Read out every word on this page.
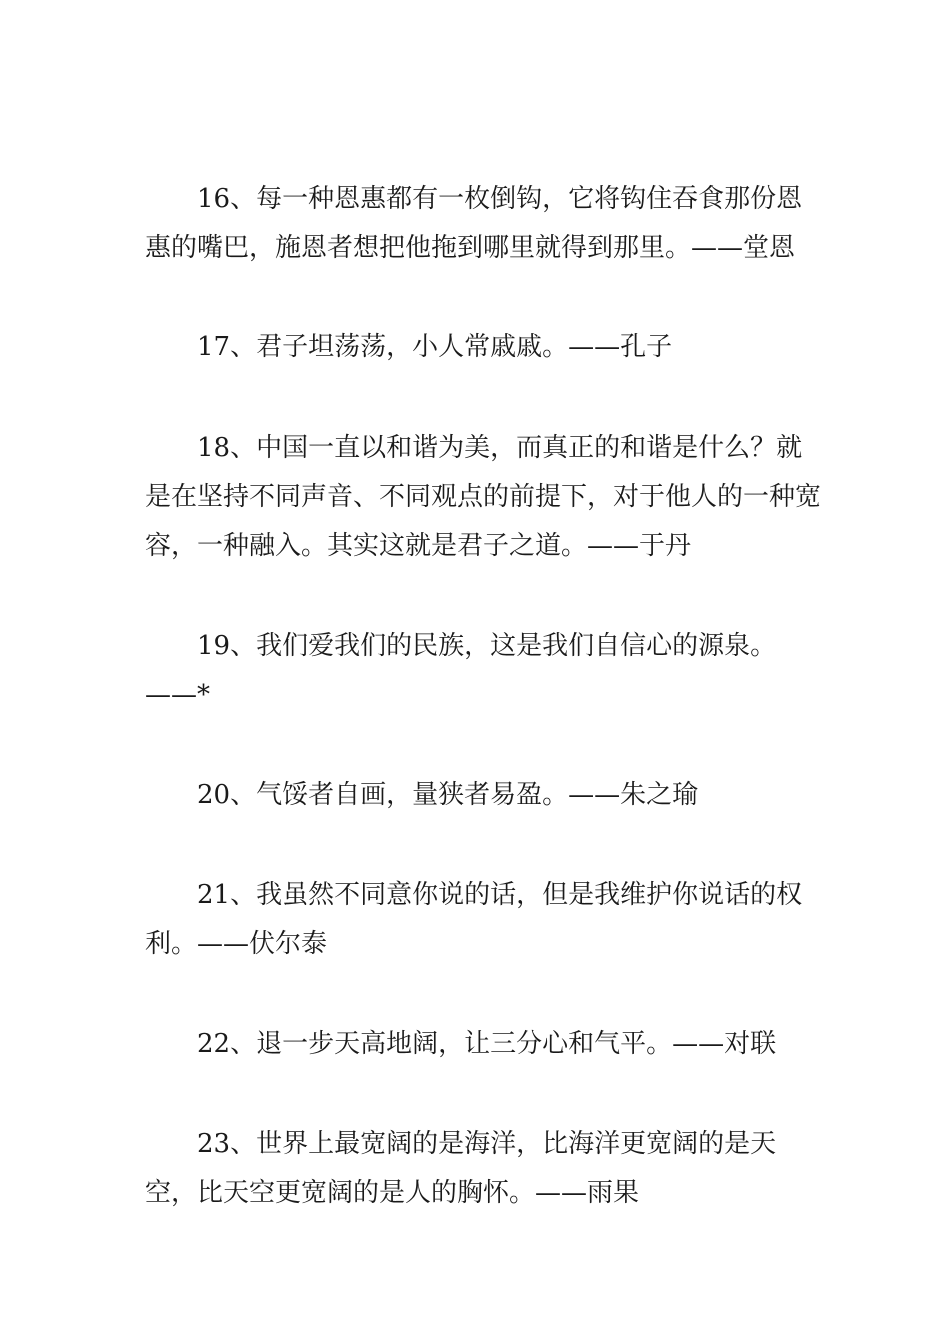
16、每一种恩惠都有一枚倒钩，它将钩住吞食那份恩惠的嘴巴，施恩者想把他拖到哪里就得到那里。——堂恩

17、君子坦荡荡，小人常戚戚。——孔子

18、中国一直以和谐为美，而真正的和谐是什么？就是在坚持不同声音、不同观点的前提下，对于他人的一种宽容，一种融入。其实这就是君子之道。——于丹

19、我们爱我们的民族，这是我们自信心的源泉。——*

20、气馁者自画，量狭者易盈。——朱之瑜

21、我虽然不同意你说的话，但是我维护你说话的权利。——伏尔泰

22、退一步天高地阔，让三分心和气平。——对联

23、世界上最宽阔的是海洋，比海洋更宽阔的是天空，比天空更宽阔的是人的胸怀。——雨果
